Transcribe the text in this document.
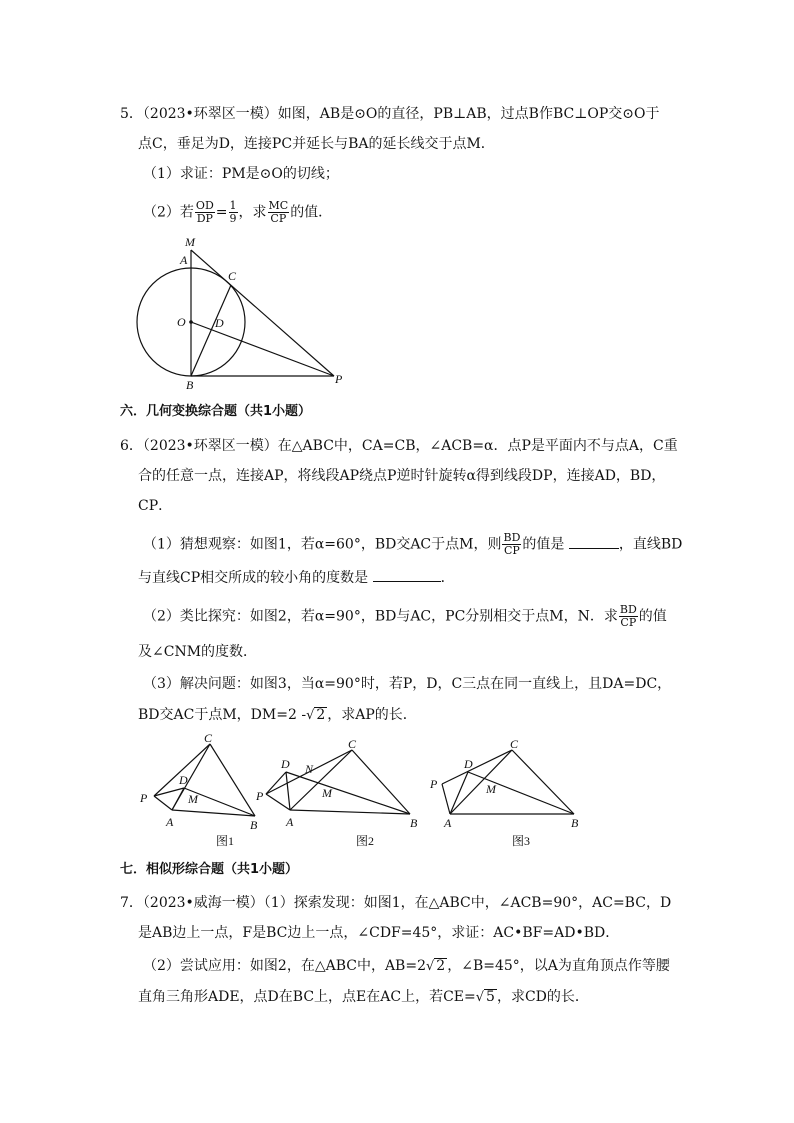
5．（2023•环翠区一模）如图，AB是⊙O的直径，PB⊥AB，过点B作BC⊥OP交⊙O于
点C，垂足为D，连接PC并延长与BA的延长线交于点M．
（1）求证：PM是⊙O的切线；
（2）若 $\frac{OD}{DP} = \frac{1}{9}$ ，求 $\frac{MC}{CP}$ 的值．
M
A
C
O D
B	P
六．几何变换综合题（共1小题）
6．（2023•环翠区一模）在△ABC中，CA=CB，∠ACB=α．点P是平面内不与点A，C重
合的任意一点，连接AP，将线段AP绕点P逆时针旋转α得到线段DP，连接AD，BD，
CP．
（1）猜想观察：如图1，若α=60°，BD交AC于点M，则 $\frac{BD}{CP}$ 的值是	，直线BD
与直线CP相交所成的较小角的度数是	．
（2）类比探究：如图2，若α=90°，BD与AC，PC分别相交于点M，N．求 $\frac{BD}{CP}$ 的值
及∠CNM的度数．
（3）解决问题：如图3，当α=90°时，若P，D，C三点在同一直线上，且DA=DC，
BD交AC于点M，DM=2 -√ 2 ，求AP的长．
C
D
P	M
A	B
图1
C
D N
P	M
A	B
图2
C
D
P	M
A	B
图3
七．相似形综合题（共1小题）
7．（2023•威海一模）（1）探索发现：如图1，在△ABC中，∠ACB=90°，AC=BC，D
是AB边上一点，F是BC边上一点，∠CDF=45°，求证：AC•BF=AD•BD．
（2）尝试应用：如图2，在△ABC中，AB=2√ 2 ，∠B=45°，以A为直角顶点作等腰
直角三角形ADE，点D在BC上，点E在AC上，若CE=√ 5 ，求CD的长．
